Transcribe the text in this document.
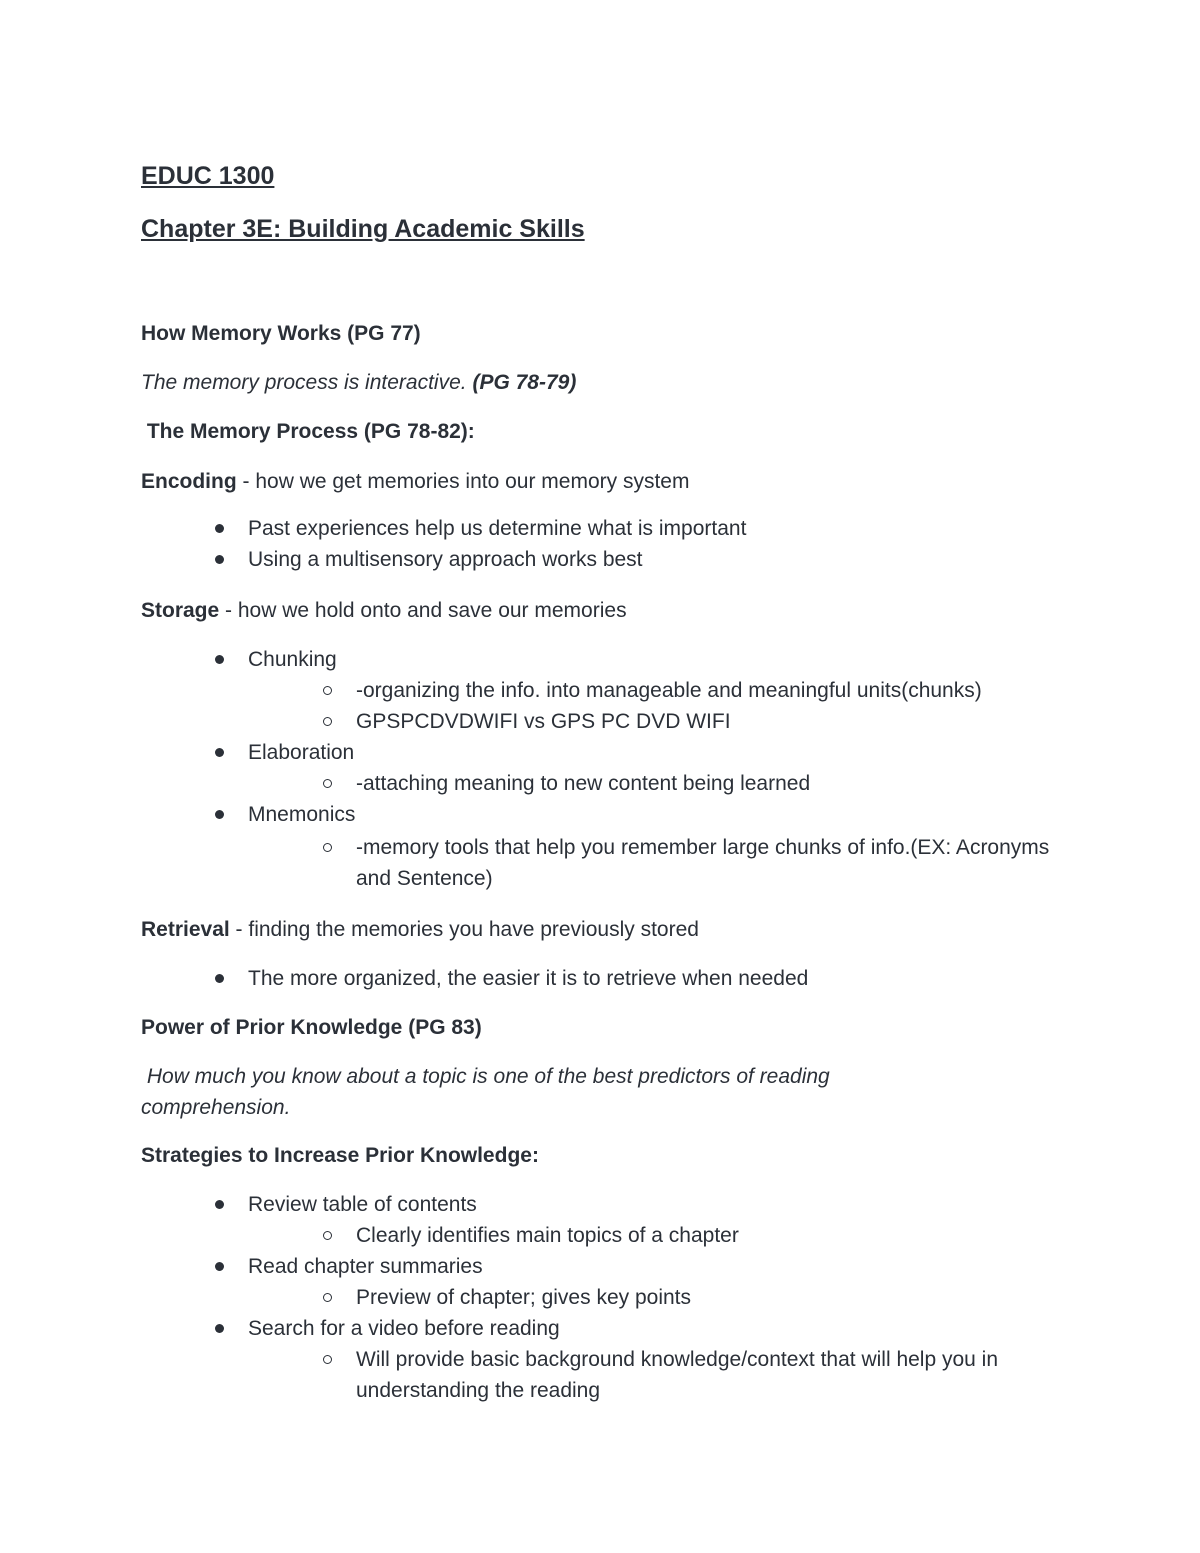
EDUC 1300

Chapter 3E: Building Academic Skills

How Memory Works (PG 77)

The memory process is interactive. (PG 78-79)

The Memory Process (PG 78-82):

Encoding - how we get memories into our memory system

Past experiences help us determine what is important
Using a multisensory approach works best

Storage - how we hold onto and save our memories

Chunking
-organizing the info. into manageable and meaningful units(chunks)
GPSPCDVDWIFI vs GPS PC DVD WIFI
Elaboration
-attaching meaning to new content being learned
Mnemonics
-memory tools that help you remember large chunks of info.(EX: Acronyms and Sentence)

Retrieval - finding the memories you have previously stored

The more organized, the easier it is to retrieve when needed

Power of Prior Knowledge (PG 83)

How much you know about a topic is one of the best predictors of reading comprehension.

Strategies to Increase Prior Knowledge:

Review table of contents
Clearly identifies main topics of a chapter
Read chapter summaries
Preview of chapter; gives key points
Search for a video before reading
Will provide basic background knowledge/context that will help you in understanding the reading
